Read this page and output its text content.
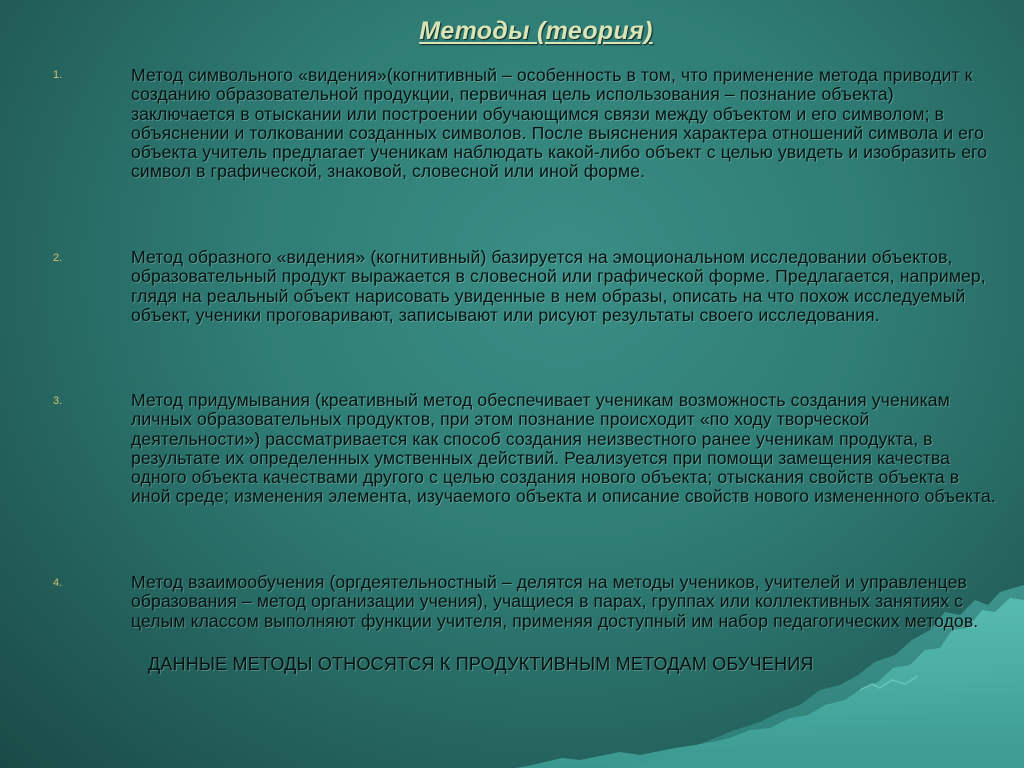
Методы (теория)
1.	Метод символьного «видения»(когнитивный – особенность в том, что применение метода приводит к созданию образовательной продукции, первичная цель использования – познание объекта) заключается в отыскании или построении обучающимся связи между объектом и его символом; в объяснении и толковании созданных символов. После выяснения характера отношений символа и его объекта учитель предлагает ученикам наблюдать какой-либо объект с целью увидеть и изобразить его символ в графической, знаковой, словесной или иной форме.
2.	Метод образного «видения» (когнитивный) базируется на эмоциональном исследовании объектов, образовательный продукт выражается в словесной или графической форме. Предлагается, например, глядя на реальный объект нарисовать увиденные в нем образы, описать на что похож исследуемый объект, ученики проговаривают, записывают или рисуют результаты своего исследования.
3.	Метод придумывания (креативный метод обеспечивает ученикам возможность создания ученикам личных образовательных продуктов, при этом познание происходит «по ходу творческой деятельности») рассматривается как способ создания неизвестного ранее ученикам продукта, в результате их определенных умственных действий. Реализуется при помощи замещения качества одного объекта качествами другого с целью создания нового объекта; отыскания свойств объекта в иной среде; изменения элемента, изучаемого объекта и описание свойств нового измененного объекта.
4.	Метод взаимообучения (оргдеятельностный – делятся на методы учеников, учителей и управленцев образования – метод организации учения), учащиеся в парах, группах или коллективных занятиях с целым классом выполняют функции учителя, применяя доступный им набор педагогических методов.
ДАННЫЕ МЕТОДЫ ОТНОСЯТСЯ К ПРОДУКТИВНЫМ МЕТОДАМ ОБУЧЕНИЯ
